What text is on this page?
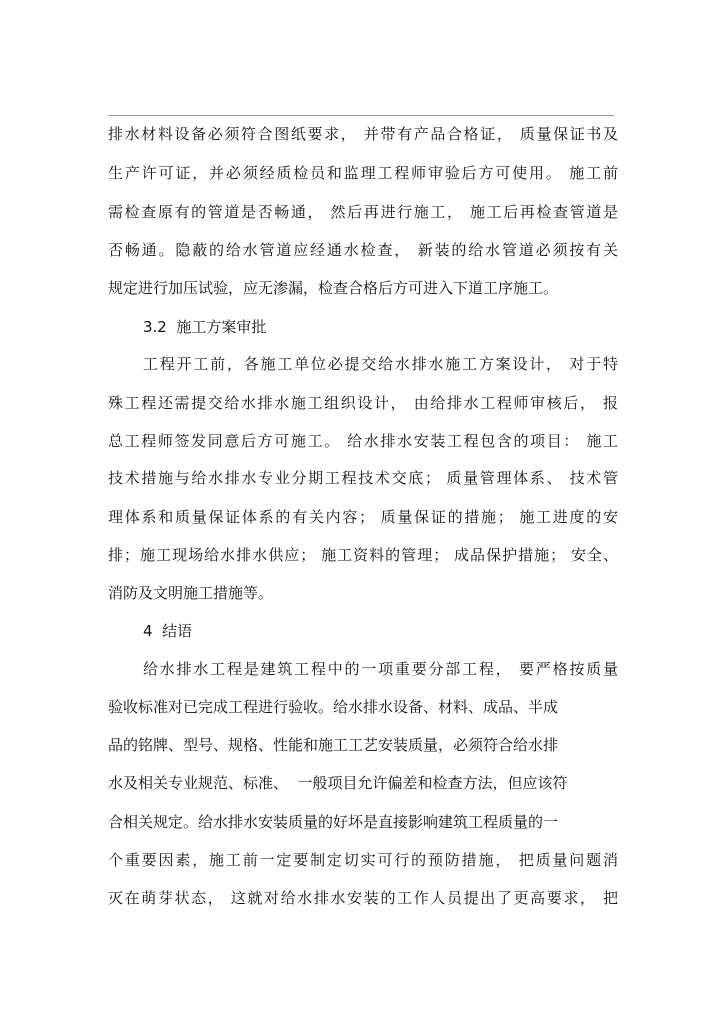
排水材料设备必须符合图纸要求， 并带有产品合格证， 质量保证书及
生产许可证，并必须经质检员和监理工程师审验后方可使用。 施工前
需检查原有的管道是否畅通， 然后再进行施工， 施工后再检查管道是
否畅通。隐蔽的给水管道应经通水检查， 新装的给水管道必须按有关
规定进行加压试验，应无渗漏，检查合格后方可进入下道工序施工。
3.2  施工方案审批
工程开工前，各施工单位必提交给水排水施工方案设计， 对于特
殊工程还需提交给水排水施工组织设计， 由给排水工程师审核后， 报
总工程师签发同意后方可施工。 给水排水安装工程包含的项目： 施工
技术措施与给水排水专业分期工程技术交底； 质量管理体系、 技术管
理体系和质量保证体系的有关内容； 质量保证的措施； 施工进度的安
排；施工现场给水排水供应； 施工资料的管理； 成品保护措施； 安全、
消防及文明施工措施等。
4  结语
给水排水工程是建筑工程中的一项重要分部工程， 要严格按质量
验收标准对已完成工程进行验收。给水排水设备、材料、成品、半成
品的铭牌、型号、规格、性能和施工工艺安装质量，必须符合给水排
水及相关专业规范、标准、  一般项目允许偏差和检查方法，但应该符
合相关规定。给水排水安装质量的好坏是直接影响建筑工程质量的一
个重要因素，施工前一定要制定切实可行的预防措施， 把质量问题消
灭在萌芽状态， 这就对给水排水安装的工作人员提出了更高要求， 把
